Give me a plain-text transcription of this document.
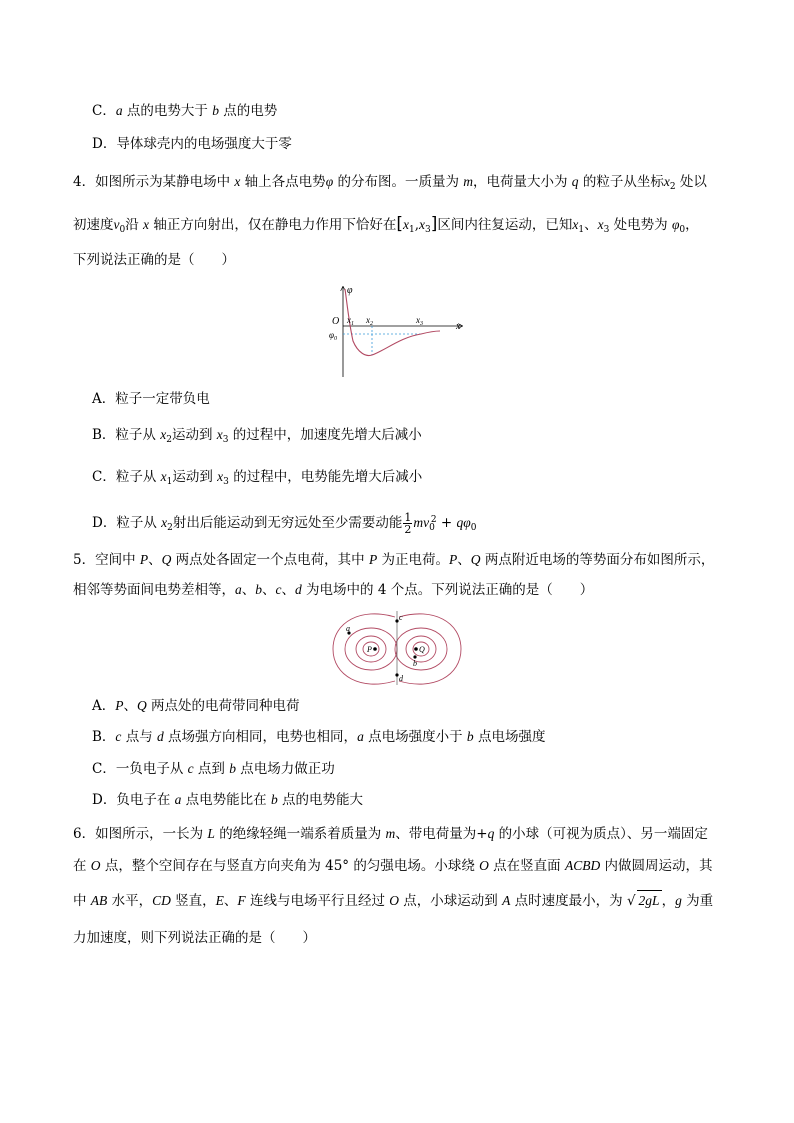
C．a 点的电势大于 b 点的电势
D．导体球壳内的电场强度大于零
4．如图所示为某静电场中 x 轴上各点电势φ 的分布图。一质量为 m，电荷量大小为 q 的粒子从坐标$x_2$ 处以
初速度$v_0$沿 x 轴正方向射出，仅在静电力作用下恰好在$[x_1,x_3]$区间内往复运动，已知$x_1$、$x_3$ 处电势为 $\varphi_0$，
下列说法正确的是（　　）
φ
O	x
$x_1$ $x_2$	$x_3$
$\varphi_0$
A．粒子一定带负电
B．粒子从 $x_2$运动到 $x_3$ 的过程中，加速度先增大后减小
C．粒子从 $x_1$运动到 $x_3$ 的过程中，电势能先增大后减小
D．粒子从 $x_2$射出后能运动到无穷远处至少需要动能 $\frac{1}{2} mv_0^2 + q\varphi_0$
5．空间中 P、Q 两点处各固定一个点电荷，其中 P 为正电荷。P、Q 两点附近电场的等势面分布如图所示，
相邻等势面间电势差相等，a、b、c、d 为电场中的 4 个点。下列说法正确的是（　　）
c
d
a
b
P	Q
A．P、Q 两点处的电荷带同种电荷
B．c 点与 d 点场强方向相同，电势也相同，a 点电场强度小于 b 点电场强度
C．一负电子从 c 点到 b 点电场力做正功
D．负电子在 a 点电势能比在 b 点的电势能大
6．如图所示，一长为 L 的绝缘轻绳一端系着质量为 m、带电荷量为+q 的小球（可视为质点）、另一端固定
在 O 点，整个空间存在与竖直方向夹角为 45° 的匀强电场。小球绕 O 点在竖直面 ACBD 内做圆周运动，其
中 AB 水平，CD 竖直，E、F 连线与电场平行且经过 O 点，小球运动到 A 点时速度最小，为 √ 2gL ，g 为重
力加速度，则下列说法正确的是（　　）
